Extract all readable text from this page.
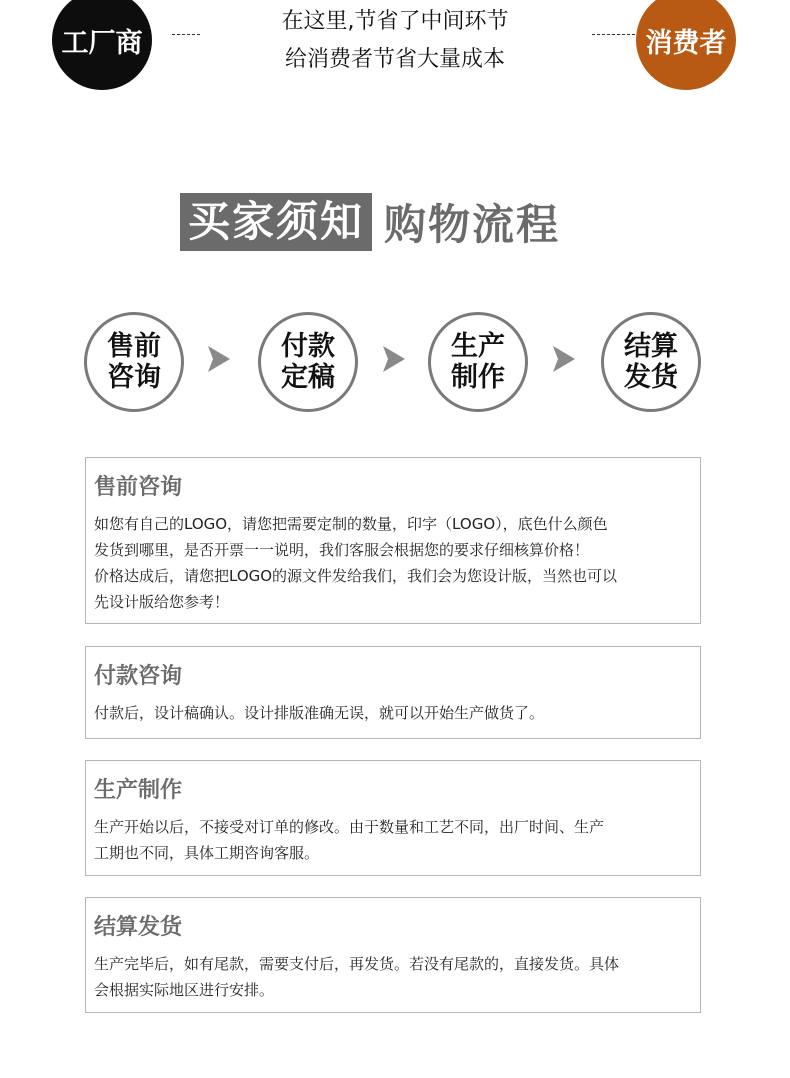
工厂商
在这里,节省了中间环节
给消费者节省大量成本
消费者
买家须知 购物流程
售前
咨询
付款
定稿
生产
制作
结算
发货
售前咨询
如您有自己的LOGO，请您把需要定制的数量，印字（LOGO），底色什么颜色
发货到哪里，是否开票一一说明，我们客服会根据您的要求仔细核算价格！
价格达成后，请您把LOGO的源文件发给我们，我们会为您设计版，当然也可以
先设计版给您参考！
付款咨询
付款后，设计稿确认。设计排版准确无误，就可以开始生产做货了。
生产制作
生产开始以后，不接受对订单的修改。由于数量和工艺不同，出厂时间、生产
工期也不同，具体工期咨询客服。
结算发货
生产完毕后，如有尾款，需要支付后，再发货。若没有尾款的，直接发货。具体
会根据实际地区进行安排。
